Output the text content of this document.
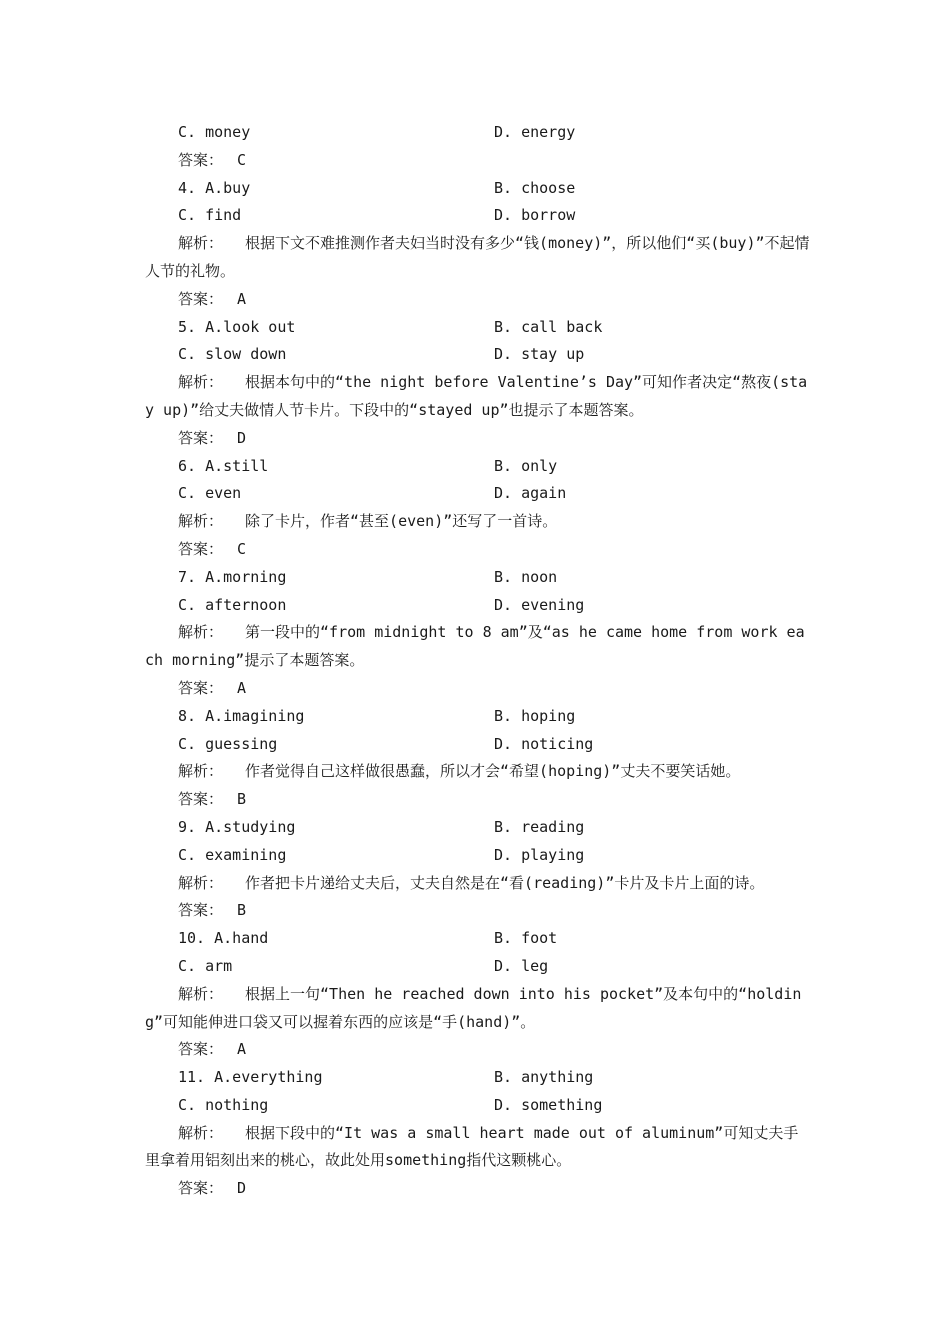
C. money	D. energy
答案： C
4. A.buy	B. choose
C. find	D. borrow
解析： 根据下文不难推测作者夫妇当时没有多少“钱(money)”，所以他们“买(buy)”不起情人节的礼物。
答案： A
5. A.look out	B. call back
C. slow down	D. stay up
解析： 根据本句中的“the night before Valentine’s Day”可知作者决定“熬夜(stay up)”给丈夫做情人节卡片。下段中的“stayed up”也提示了本题答案。
答案： D
6. A.still	B. only
C. even	D. again
解析： 除了卡片，作者“甚至(even)”还写了一首诗。
答案： C
7. A.morning	B. noon
C. afternoon	D. evening
解析： 第一段中的“from midnight to 8 am”及“as he came home from work each morning”提示了本题答案。
答案： A
8. A.imagining	B. hoping
C. guessing	D. noticing
解析： 作者觉得自己这样做很愚蠢，所以才会“希望(hoping)”丈夫不要笑话她。
答案： B
9. A.studying	B. reading
C. examining	D. playing
解析： 作者把卡片递给丈夫后，丈夫自然是在“看(reading)”卡片及卡片上面的诗。
答案： B
10. A.hand	B. foot
C. arm	D. leg
解析： 根据上一句“Then he reached down into his pocket”及本句中的“holding”可知能伸进口袋又可以握着东西的应该是“手(hand)”。
答案： A
11. A.everything	B. anything
C. nothing	D. something
解析： 根据下段中的“It was a small heart made out of aluminum”可知丈夫手里拿着用铝刻出来的桃心，故此处用something指代这颗桃心。
答案： D
